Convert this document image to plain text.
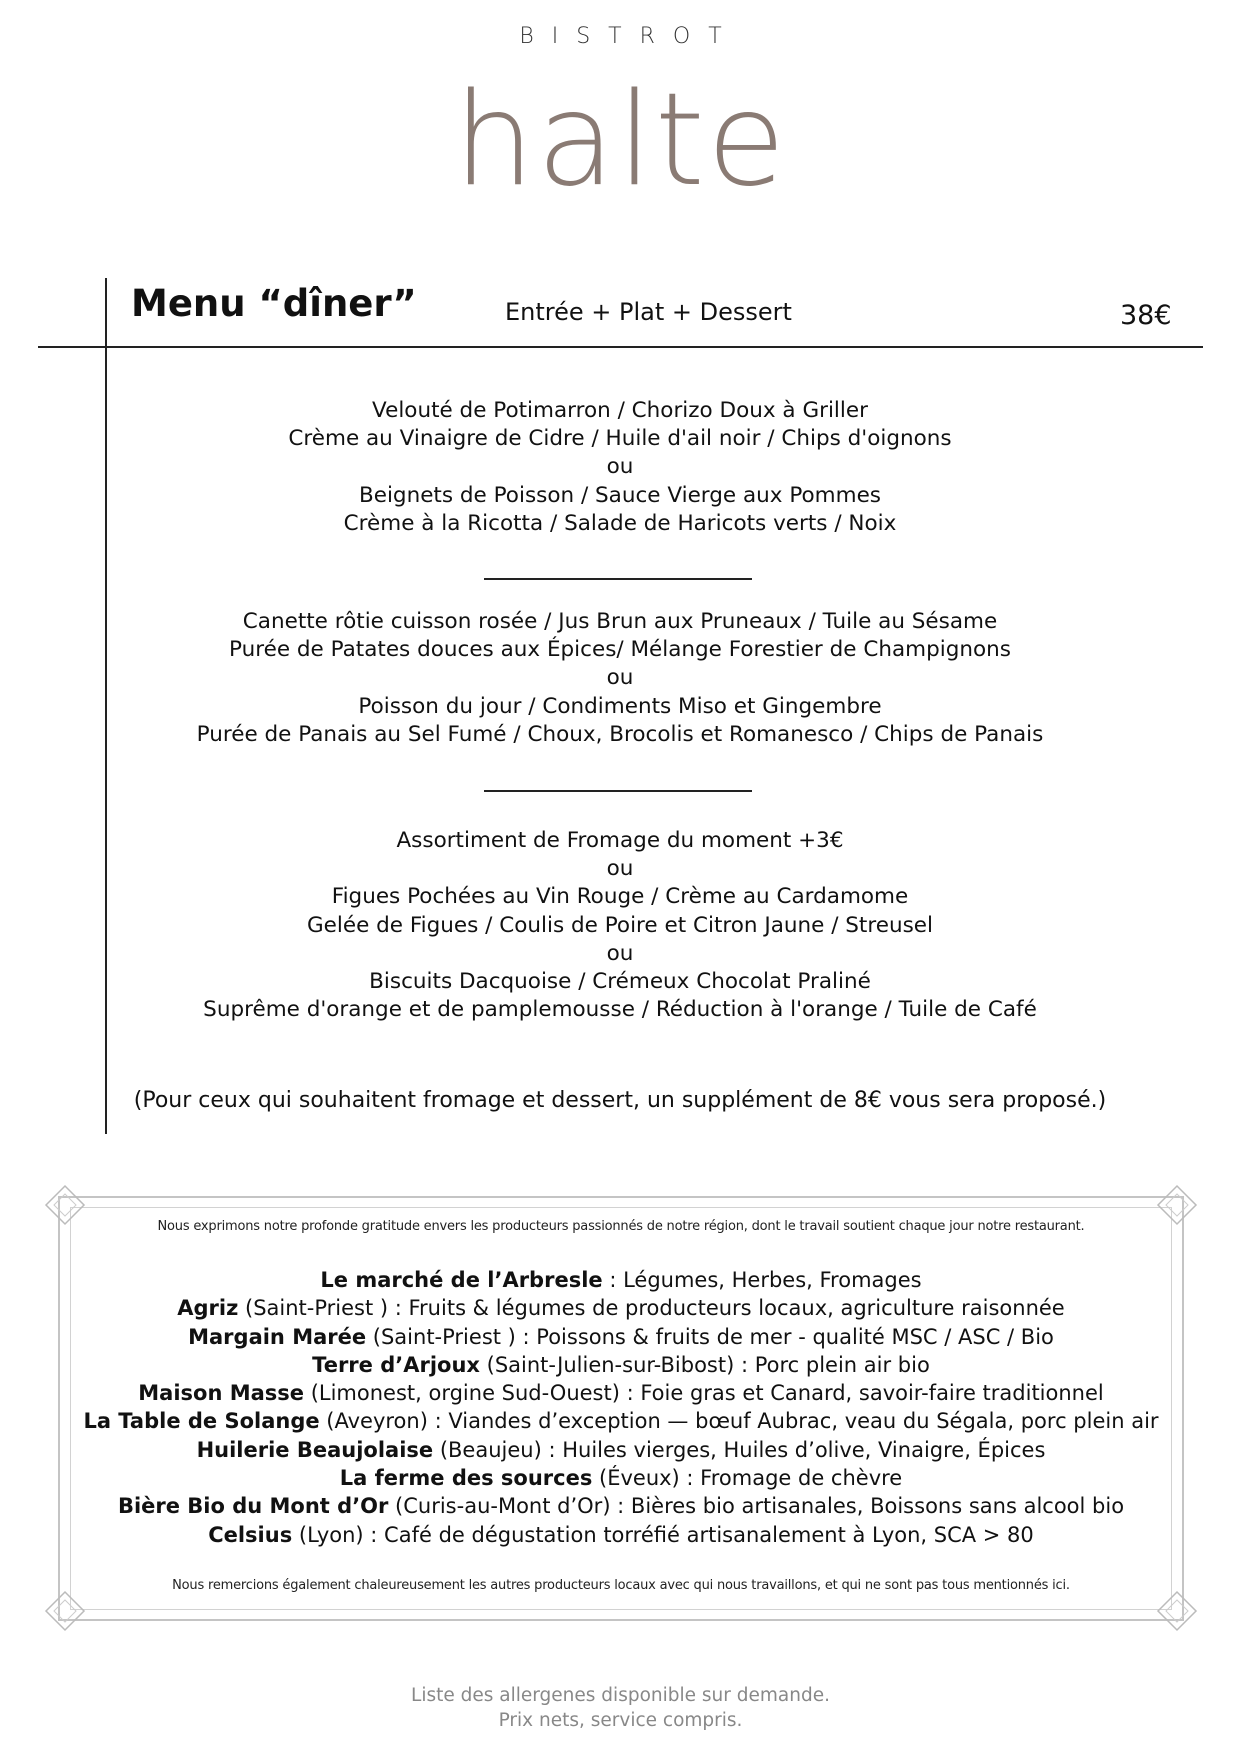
BISTROT
halte
Menu “dîner”	Entrée + Plat + Dessert	38€
Velouté de Potimarron / Chorizo Doux à Griller
Crème au Vinaigre de Cidre / Huile d'ail noir / Chips d'oignons
ou
Beignets de Poisson / Sauce Vierge aux Pommes
Crème à la Ricotta / Salade de Haricots verts / Noix
Canette rôtie cuisson rosée / Jus Brun aux Pruneaux / Tuile au Sésame
Purée de Patates douces aux Épices/ Mélange Forestier de Champignons
ou
Poisson du jour / Condiments Miso et Gingembre
Purée de Panais au Sel Fumé / Choux, Brocolis et Romanesco / Chips de Panais
Assortiment de Fromage du moment +3€
ou
Figues Pochées au Vin Rouge / Crème au Cardamome
Gelée de Figues / Coulis de Poire et Citron Jaune / Streusel
ou
Biscuits Dacquoise / Crémeux Chocolat Praliné
Suprême d'orange et de pamplemousse / Réduction à l'orange / Tuile de Café
(Pour ceux qui souhaitent fromage et dessert, un supplément de 8€ vous sera proposé.)
Nous exprimons notre profonde gratitude envers les producteurs passionnés de notre région, dont le travail soutient chaque jour notre restaurant.
Le marché de l’Arbresle : Légumes, Herbes, Fromages
Agriz (Saint-Priest ) : Fruits & légumes de producteurs locaux, agriculture raisonnée
Margain Marée (Saint-Priest ) : Poissons & fruits de mer - qualité MSC / ASC / Bio
Terre d’Arjoux (Saint-Julien-sur-Bibost) : Porc plein air bio
Maison Masse (Limonest, orgine Sud-Ouest) : Foie gras et Canard, savoir-faire traditionnel
La Table de Solange (Aveyron) : Viandes d’exception — bœuf Aubrac, veau du Ségala, porc plein air
Huilerie Beaujolaise (Beaujeu) : Huiles vierges, Huiles d’olive, Vinaigre, Épices
La ferme des sources (Éveux) : Fromage de chèvre
Bière Bio du Mont d’Or (Curis-au-Mont d’Or) : Bières bio artisanales, Boissons sans alcool bio
Celsius (Lyon) : Café de dégustation torréfié artisanalement à Lyon, SCA > 80
Nous remercions également chaleureusement les autres producteurs locaux avec qui nous travaillons, et qui ne sont pas tous mentionnés ici.
Liste des allergenes disponible sur demande.
Prix nets, service compris.
